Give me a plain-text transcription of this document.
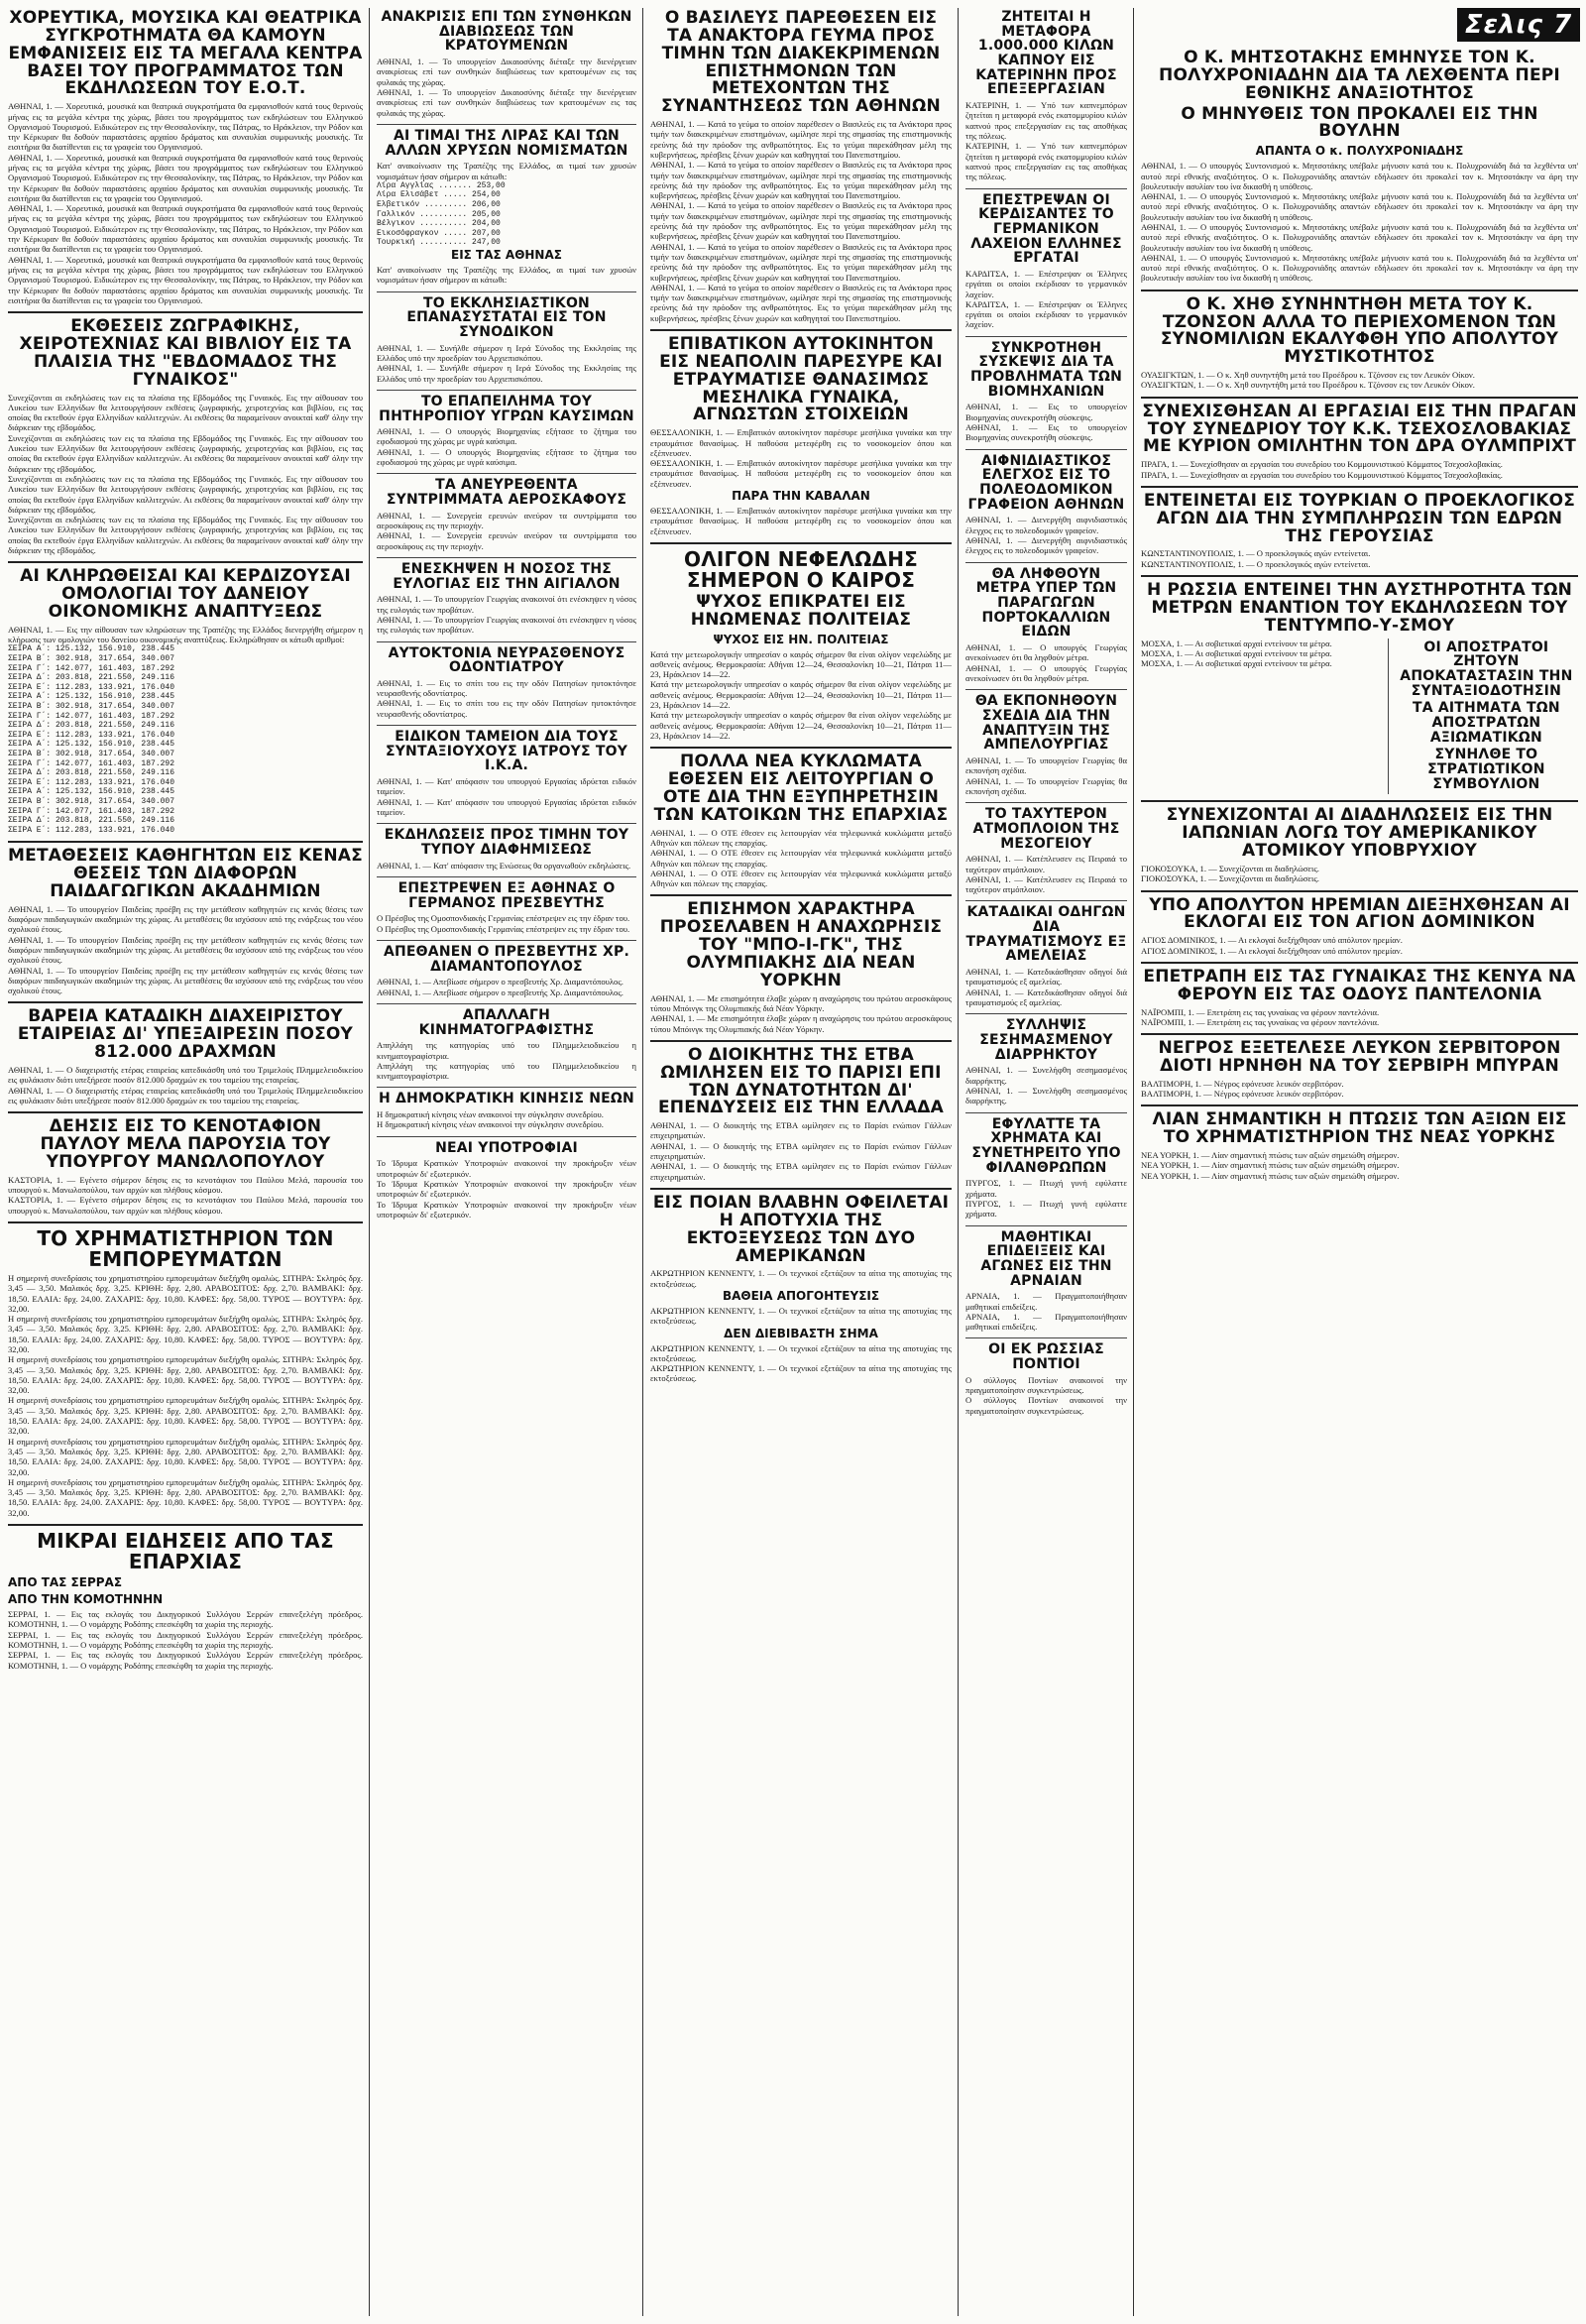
Σελις 7
ΧΟΡΕΥΤΙΚΑ, ΜΟΥΣΙΚΑ ΚΑΙ ΘΕΑΤΡΙΚΑ ΣΥΓΚΡΟΤΗΜΑΤΑ ΘΑ ΚΑΜΟΥΝ ΕΜΦΑΝΙΣΕΙΣ ΕΙΣ ΤΑ ΜΕΓΑΛΑ ΚΕΝΤΡΑ ΒΑΣΕΙ ΤΟΥ ΠΡΟΓΡΑΜΜΑΤΟΣ ΤΩΝ ΕΚΔΗΛΩΣΕΩΝ ΤΟΥ Ε.Ο.Τ.
ΑΘΗΝΑΙ, 1. — Χορευτικά, μουσικά και θεατρικά συγκροτήματα θα εμφανισθούν κατά τους θερινούς μήνας εις τα μεγάλα κέντρα της χώρας, βάσει του προγράμματος των εκδηλώσεων του Ελληνικού Οργανισμού Τουρισμού. Ειδικώτερον εις την Θεσσαλονίκην, τας Πάτρας, το Ηράκλειον, την Ρόδον και την Κέρκυραν θα δοθούν παραστάσεις αρχαίου δράματος και συναυλίαι συμφωνικής μουσικής. Τα εισιτήρια θα διατίθενται εις τα γραφεία του Οργανισμού.
ΑΘΗΝΑΙ, 1. — Χορευτικά, μουσικά και θεατρικά συγκροτήματα θα εμφανισθούν κατά τους θερινούς μήνας εις τα μεγάλα κέντρα της χώρας, βάσει του προγράμματος των εκδηλώσεων του Ελληνικού Οργανισμού Τουρισμού. Ειδικώτερον εις την Θεσσαλονίκην, τας Πάτρας, το Ηράκλειον, την Ρόδον και την Κέρκυραν θα δοθούν παραστάσεις αρχαίου δράματος και συναυλίαι συμφωνικής μουσικής. Τα εισιτήρια θα διατίθενται εις τα γραφεία του Οργανισμού.
ΑΘΗΝΑΙ, 1. — Χορευτικά, μουσικά και θεατρικά συγκροτήματα θα εμφανισθούν κατά τους θερινούς μήνας εις τα μεγάλα κέντρα της χώρας, βάσει του προγράμματος των εκδηλώσεων του Ελληνικού Οργανισμού Τουρισμού. Ειδικώτερον εις την Θεσσαλονίκην, τας Πάτρας, το Ηράκλειον, την Ρόδον και την Κέρκυραν θα δοθούν παραστάσεις αρχαίου δράματος και συναυλίαι συμφωνικής μουσικής. Τα εισιτήρια θα διατίθενται εις τα γραφεία του Οργανισμού.
ΑΘΗΝΑΙ, 1. — Χορευτικά, μουσικά και θεατρικά συγκροτήματα θα εμφανισθούν κατά τους θερινούς μήνας εις τα μεγάλα κέντρα της χώρας, βάσει του προγράμματος των εκδηλώσεων του Ελληνικού Οργανισμού Τουρισμού. Ειδικώτερον εις την Θεσσαλονίκην, τας Πάτρας, το Ηράκλειον, την Ρόδον και την Κέρκυραν θα δοθούν παραστάσεις αρχαίου δράματος και συναυλίαι συμφωνικής μουσικής. Τα εισιτήρια θα διατίθενται εις τα γραφεία του Οργανισμού.
ΕΚΘΕΣΕΙΣ ΖΩΓΡΑΦΙΚΗΣ, ΧΕΙΡΟΤΕΧΝΙΑΣ ΚΑΙ ΒΙΒΛΙΟΥ ΕΙΣ ΤΑ ΠΛΑΙΣΙΑ ΤΗΣ "ΕΒΔΟΜΑΔΟΣ ΤΗΣ ΓΥΝΑΙΚΟΣ"
Συνεχίζονται αι εκδηλώσεις των εις τα πλαίσια της Εβδομάδος της Γυναικός. Εις την αίθουσαν του Λυκείου των Ελληνίδων θα λειτουργήσουν εκθέσεις ζωγραφικής, χειροτεχνίας και βιβλίου, εις τας οποίας θα εκτεθούν έργα Ελληνίδων καλλιτεχνών. Αι εκθέσεις θα παραμείνουν ανοικταί καθ' όλην την διάρκειαν της εβδομάδος.
Συνεχίζονται αι εκδηλώσεις των εις τα πλαίσια της Εβδομάδος της Γυναικός. Εις την αίθουσαν του Λυκείου των Ελληνίδων θα λειτουργήσουν εκθέσεις ζωγραφικής, χειροτεχνίας και βιβλίου, εις τας οποίας θα εκτεθούν έργα Ελληνίδων καλλιτεχνών. Αι εκθέσεις θα παραμείνουν ανοικταί καθ' όλην την διάρκειαν της εβδομάδος.
Συνεχίζονται αι εκδηλώσεις των εις τα πλαίσια της Εβδομάδος της Γυναικός. Εις την αίθουσαν του Λυκείου των Ελληνίδων θα λειτουργήσουν εκθέσεις ζωγραφικής, χειροτεχνίας και βιβλίου, εις τας οποίας θα εκτεθούν έργα Ελληνίδων καλλιτεχνών. Αι εκθέσεις θα παραμείνουν ανοικταί καθ' όλην την διάρκειαν της εβδομάδος.
Συνεχίζονται αι εκδηλώσεις των εις τα πλαίσια της Εβδομάδος της Γυναικός. Εις την αίθουσαν του Λυκείου των Ελληνίδων θα λειτουργήσουν εκθέσεις ζωγραφικής, χειροτεχνίας και βιβλίου, εις τας οποίας θα εκτεθούν έργα Ελληνίδων καλλιτεχνών. Αι εκθέσεις θα παραμείνουν ανοικταί καθ' όλην την διάρκειαν της εβδομάδος.
ΑΙ ΚΛΗΡΩΘΕΙΣΑΙ ΚΑΙ ΚΕΡΔΙΖΟΥΣΑΙ ΟΜΟΛΟΓΙΑΙ ΤΟΥ ΔΑΝΕΙΟΥ ΟΙΚΟΝΟΜΙΚΗΣ ΑΝΑΠΤΥΞΕΩΣ
ΑΘΗΝΑΙ, 1. — Εις την αίθουσαν των κληρώσεων της Τραπέζης της Ελλάδος διενεργήθη σήμερον η κλήρωσις των ομολογιών του δανείου οικονομικής αναπτύξεως. Εκληρώθησαν οι κάτωθι αριθμοί:
ΣΕΙΡΑ Α΄: 125.132, 156.910, 238.445
ΣΕΙΡΑ Β΄: 302.918, 317.654, 340.007
ΣΕΙΡΑ Γ΄: 142.077, 161.403, 187.292
ΣΕΙΡΑ Δ΄: 203.818, 221.550, 249.116
ΣΕΙΡΑ Ε΄: 112.283, 133.921, 176.040
ΣΕΙΡΑ Α΄: 125.132, 156.910, 238.445
ΣΕΙΡΑ Β΄: 302.918, 317.654, 340.007
ΣΕΙΡΑ Γ΄: 142.077, 161.403, 187.292
ΣΕΙΡΑ Δ΄: 203.818, 221.550, 249.116
ΣΕΙΡΑ Ε΄: 112.283, 133.921, 176.040
ΣΕΙΡΑ Α΄: 125.132, 156.910, 238.445
ΣΕΙΡΑ Β΄: 302.918, 317.654, 340.007
ΣΕΙΡΑ Γ΄: 142.077, 161.403, 187.292
ΣΕΙΡΑ Δ΄: 203.818, 221.550, 249.116
ΣΕΙΡΑ Ε΄: 112.283, 133.921, 176.040
ΣΕΙΡΑ Α΄: 125.132, 156.910, 238.445
ΣΕΙΡΑ Β΄: 302.918, 317.654, 340.007
ΣΕΙΡΑ Γ΄: 142.077, 161.403, 187.292
ΣΕΙΡΑ Δ΄: 203.818, 221.550, 249.116
ΣΕΙΡΑ Ε΄: 112.283, 133.921, 176.040
ΜΕΤΑΘΕΣΕΙΣ ΚΑΘΗΓΗΤΩΝ ΕΙΣ ΚΕΝΑΣ ΘΕΣΕΙΣ ΤΩΝ ΔΙΑΦΟΡΩΝ ΠΑΙΔΑΓΩΓΙΚΩΝ ΑΚΑΔΗΜΙΩΝ
ΑΘΗΝΑΙ, 1. — Το υπουργείον Παιδείας προέβη εις την μετάθεσιν καθηγητών εις κενάς θέσεις των διαφόρων παιδαγωγικών ακαδημιών της χώρας. Αι μεταθέσεις θα ισχύσουν από της ενάρξεως του νέου σχολικού έτους.
ΑΘΗΝΑΙ, 1. — Το υπουργείον Παιδείας προέβη εις την μετάθεσιν καθηγητών εις κενάς θέσεις των διαφόρων παιδαγωγικών ακαδημιών της χώρας. Αι μεταθέσεις θα ισχύσουν από της ενάρξεως του νέου σχολικού έτους.
ΑΘΗΝΑΙ, 1. — Το υπουργείον Παιδείας προέβη εις την μετάθεσιν καθηγητών εις κενάς θέσεις των διαφόρων παιδαγωγικών ακαδημιών της χώρας. Αι μεταθέσεις θα ισχύσουν από της ενάρξεως του νέου σχολικού έτους.
ΒΑΡΕΙΑ ΚΑΤΑΔΙΚΗ ΔΙΑΧΕΙΡΙΣΤΟΥ ΕΤΑΙΡΕΙΑΣ ΔΙ' ΥΠΕΞΑΙΡΕΣΙΝ ΠΟΣΟΥ 812.000 ΔΡΑΧΜΩΝ
ΑΘΗΝΑΙ, 1. — Ο διαχειριστής ετέρας εταιρείας κατεδικάσθη υπό του Τριμελούς Πλημμελειοδικείου εις φυλάκισιν διότι υπεξήρεσε ποσόν 812.000 δραχμών εκ του ταμείου της εταιρείας.
ΑΘΗΝΑΙ, 1. — Ο διαχειριστής ετέρας εταιρείας κατεδικάσθη υπό του Τριμελούς Πλημμελειοδικείου εις φυλάκισιν διότι υπεξήρεσε ποσόν 812.000 δραχμών εκ του ταμείου της εταιρείας.
ΔΕΗΣΙΣ ΕΙΣ ΤΟ ΚΕΝΟΤΑΦΙΟΝ ΠΑΥΛΟΥ ΜΕΛΑ ΠΑΡΟΥΣΙΑ ΤΟΥ ΥΠΟΥΡΓΟΥ ΜΑΝΩΛΟΠΟΥΛΟΥ
ΚΑΣΤΟΡΙΑ, 1. — Εγένετο σήμερον δέησις εις το κενοτάφιον του Παύλου Μελά, παρουσία του υπουργού κ. Μανωλοπούλου, των αρχών και πλήθους κόσμου.
ΚΑΣΤΟΡΙΑ, 1. — Εγένετο σήμερον δέησις εις το κενοτάφιον του Παύλου Μελά, παρουσία του υπουργού κ. Μανωλοπούλου, των αρχών και πλήθους κόσμου.
ΤΟ ΧΡΗΜΑΤΙΣΤΗΡΙΟΝ ΤΩΝ ΕΜΠΟΡΕΥΜΑΤΩΝ
Η σημερινή συνεδρίασις του χρηματιστηρίου εμπορευμάτων διεξήχθη ομαλώς. ΣΙΤΗΡΑ: Σκληρός δρχ. 3,45 — 3,50. Μαλακός δρχ. 3,25. ΚΡΙΘΗ: δρχ. 2,80. ΑΡΑΒΟΣΙΤΟΣ: δρχ. 2,70. ΒΑΜΒΑΚΙ: δρχ. 18,50. ΕΛΑΙΑ: δρχ. 24,00. ΖΑΧΑΡΙΣ: δρχ. 10,80. ΚΑΦΕΣ: δρχ. 58,00. ΤΥΡΟΣ — ΒΟΥΤΥΡΑ: δρχ. 32,00.
Η σημερινή συνεδρίασις του χρηματιστηρίου εμπορευμάτων διεξήχθη ομαλώς. ΣΙΤΗΡΑ: Σκληρός δρχ. 3,45 — 3,50. Μαλακός δρχ. 3,25. ΚΡΙΘΗ: δρχ. 2,80. ΑΡΑΒΟΣΙΤΟΣ: δρχ. 2,70. ΒΑΜΒΑΚΙ: δρχ. 18,50. ΕΛΑΙΑ: δρχ. 24,00. ΖΑΧΑΡΙΣ: δρχ. 10,80. ΚΑΦΕΣ: δρχ. 58,00. ΤΥΡΟΣ — ΒΟΥΤΥΡΑ: δρχ. 32,00.
Η σημερινή συνεδρίασις του χρηματιστηρίου εμπορευμάτων διεξήχθη ομαλώς. ΣΙΤΗΡΑ: Σκληρός δρχ. 3,45 — 3,50. Μαλακός δρχ. 3,25. ΚΡΙΘΗ: δρχ. 2,80. ΑΡΑΒΟΣΙΤΟΣ: δρχ. 2,70. ΒΑΜΒΑΚΙ: δρχ. 18,50. ΕΛΑΙΑ: δρχ. 24,00. ΖΑΧΑΡΙΣ: δρχ. 10,80. ΚΑΦΕΣ: δρχ. 58,00. ΤΥΡΟΣ — ΒΟΥΤΥΡΑ: δρχ. 32,00.
Η σημερινή συνεδρίασις του χρηματιστηρίου εμπορευμάτων διεξήχθη ομαλώς. ΣΙΤΗΡΑ: Σκληρός δρχ. 3,45 — 3,50. Μαλακός δρχ. 3,25. ΚΡΙΘΗ: δρχ. 2,80. ΑΡΑΒΟΣΙΤΟΣ: δρχ. 2,70. ΒΑΜΒΑΚΙ: δρχ. 18,50. ΕΛΑΙΑ: δρχ. 24,00. ΖΑΧΑΡΙΣ: δρχ. 10,80. ΚΑΦΕΣ: δρχ. 58,00. ΤΥΡΟΣ — ΒΟΥΤΥΡΑ: δρχ. 32,00.
Η σημερινή συνεδρίασις του χρηματιστηρίου εμπορευμάτων διεξήχθη ομαλώς. ΣΙΤΗΡΑ: Σκληρός δρχ. 3,45 — 3,50. Μαλακός δρχ. 3,25. ΚΡΙΘΗ: δρχ. 2,80. ΑΡΑΒΟΣΙΤΟΣ: δρχ. 2,70. ΒΑΜΒΑΚΙ: δρχ. 18,50. ΕΛΑΙΑ: δρχ. 24,00. ΖΑΧΑΡΙΣ: δρχ. 10,80. ΚΑΦΕΣ: δρχ. 58,00. ΤΥΡΟΣ — ΒΟΥΤΥΡΑ: δρχ. 32,00.
Η σημερινή συνεδρίασις του χρηματιστηρίου εμπορευμάτων διεξήχθη ομαλώς. ΣΙΤΗΡΑ: Σκληρός δρχ. 3,45 — 3,50. Μαλακός δρχ. 3,25. ΚΡΙΘΗ: δρχ. 2,80. ΑΡΑΒΟΣΙΤΟΣ: δρχ. 2,70. ΒΑΜΒΑΚΙ: δρχ. 18,50. ΕΛΑΙΑ: δρχ. 24,00. ΖΑΧΑΡΙΣ: δρχ. 10,80. ΚΑΦΕΣ: δρχ. 58,00. ΤΥΡΟΣ — ΒΟΥΤΥΡΑ: δρχ. 32,00.
ΜΙΚΡΑΙ ΕΙΔΗΣΕΙΣ ΑΠΟ ΤΑΣ ΕΠΑΡΧΙΑΣ
ΑΠΟ ΤΑΣ ΣΕΡΡΑΣ
ΑΠΟ ΤΗΝ ΚΟΜΟΤΗΝΗΝ
ΣΕΡΡΑΙ, 1. — Εις τας εκλογάς του Δικηγορικού Συλλόγου Σερρών επανεξελέγη πρόεδρος. ΚΟΜΟΤΗΝΗ, 1. — Ο νομάρχης Ροδόπης επεσκέφθη τα χωρία της περιοχής.
ΣΕΡΡΑΙ, 1. — Εις τας εκλογάς του Δικηγορικού Συλλόγου Σερρών επανεξελέγη πρόεδρος. ΚΟΜΟΤΗΝΗ, 1. — Ο νομάρχης Ροδόπης επεσκέφθη τα χωρία της περιοχής.
ΣΕΡΡΑΙ, 1. — Εις τας εκλογάς του Δικηγορικού Συλλόγου Σερρών επανεξελέγη πρόεδρος. ΚΟΜΟΤΗΝΗ, 1. — Ο νομάρχης Ροδόπης επεσκέφθη τα χωρία της περιοχής.
ΑΝΑΚΡΙΣΙΣ ΕΠΙ ΤΩΝ ΣΥΝΘΗΚΩΝ ΔΙΑΒΙΩΣΕΩΣ ΤΩΝ ΚΡΑΤΟΥΜΕΝΩΝ
ΑΘΗΝΑΙ, 1. — Το υπουργείον Δικαιοσύνης διέταξε την διενέργειαν ανακρίσεως επί των συνθηκών διαβιώσεως των κρατουμένων εις τας φυλακάς της χώρας.
ΑΘΗΝΑΙ, 1. — Το υπουργείον Δικαιοσύνης διέταξε την διενέργειαν ανακρίσεως επί των συνθηκών διαβιώσεως των κρατουμένων εις τας φυλακάς της χώρας.
ΑΙ ΤΙΜΑΙ ΤΗΣ ΛΙΡΑΣ ΚΑΙ ΤΩΝ ΑΛΛΩΝ ΧΡΥΣΩΝ ΝΟΜΙΣΜΑΤΩΝ
Κατ' ανακοίνωσιν της Τραπέζης της Ελλάδος, αι τιμαί των χρυσών νομισμάτων ήσαν σήμερον αι κάτωθι:
Λίρα Αγγλίας ....... 253,00
Λίρα Ελισάβετ ..... 254,00
Ελβετικόν ......... 206,00
Γαλλικόν .......... 205,00
Βέλγικον .......... 204,00
Εικοσόφραγκον ..... 207,00
Τουρκική .......... 247,00
ΕΙΣ ΤΑΣ ΑΘΗΝΑΣ
Κατ' ανακοίνωσιν της Τραπέζης της Ελλάδος, αι τιμαί των χρυσών νομισμάτων ήσαν σήμερον αι κάτωθι:
ΤΟ ΕΚΚΛΗΣΙΑΣΤΙΚΟΝ ΕΠΑΝΑΣΥΣΤΑΤΑΙ ΕΙΣ ΤΟΝ ΣΥΝΟΔΙΚΟΝ
ΑΘΗΝΑΙ, 1. — Συνήλθε σήμερον η Ιερά Σύνοδος της Εκκλησίας της Ελλάδος υπό την προεδρίαν του Αρχιεπισκόπου.
ΑΘΗΝΑΙ, 1. — Συνήλθε σήμερον η Ιερά Σύνοδος της Εκκλησίας της Ελλάδος υπό την προεδρίαν του Αρχιεπισκόπου.
ΤΟ ΕΠΑΠΕΙΛΗΜΑ ΤΟΥ ΠΗΤΗΡΟΠΙΟΥ ΥΓΡΩΝ ΚΑΥΣΙΜΩΝ
ΑΘΗΝΑΙ, 1. — Ο υπουργός Βιομηχανίας εξήτασε το ζήτημα του εφοδιασμού της χώρας με υγρά καύσιμα.
ΑΘΗΝΑΙ, 1. — Ο υπουργός Βιομηχανίας εξήτασε το ζήτημα του εφοδιασμού της χώρας με υγρά καύσιμα.
ΤΑ ΑΝΕΥΡΕΘΕΝΤΑ ΣΥΝΤΡΙΜΜΑΤΑ ΑΕΡΟΣΚΑΦΟΥΣ
ΑΘΗΝΑΙ, 1. — Συνεργεία ερευνών ανεύρον τα συντρίμματα του αεροσκάφους εις την περιοχήν.
ΑΘΗΝΑΙ, 1. — Συνεργεία ερευνών ανεύρον τα συντρίμματα του αεροσκάφους εις την περιοχήν.
ΕΝΕΣΚΗΨΕΝ Η ΝΟΣΟΣ ΤΗΣ ΕΥΛΟΓΙΑΣ ΕΙΣ ΤΗΝ ΑΙΓΙΑΛΟΝ
ΑΘΗΝΑΙ, 1. — Το υπουργείον Γεωργίας ανακοινοί ότι ενέσκηψεν η νόσος της ευλογιάς των προβάτων.
ΑΘΗΝΑΙ, 1. — Το υπουργείον Γεωργίας ανακοινοί ότι ενέσκηψεν η νόσος της ευλογιάς των προβάτων.
ΑΥΤΟΚΤΟΝΙΑ ΝΕΥΡΑΣΘΕΝΟΥΣ ΟΔΟΝΤΙΑΤΡΟΥ
ΑΘΗΝΑΙ, 1. — Εις το σπίτι του εις την οδόν Πατησίων ηυτοκτόνησε νευρασθενής οδοντίατρος.
ΑΘΗΝΑΙ, 1. — Εις το σπίτι του εις την οδόν Πατησίων ηυτοκτόνησε νευρασθενής οδοντίατρος.
ΕΙΔΙΚΟΝ ΤΑΜΕΙΟΝ ΔΙΑ ΤΟΥΣ ΣΥΝΤΑΞΙΟΥΧΟΥΣ ΙΑΤΡΟΥΣ ΤΟΥ Ι.Κ.Α.
ΑΘΗΝΑΙ, 1. — Κατ' απόφασιν του υπουργού Εργασίας ιδρύεται ειδικόν ταμείον.
ΑΘΗΝΑΙ, 1. — Κατ' απόφασιν του υπουργού Εργασίας ιδρύεται ειδικόν ταμείον.
ΕΚΔΗΛΩΣΕΙΣ ΠΡΟΣ ΤΙΜΗΝ ΤΟΥ ΤΥΠΟΥ ΔΙΑΦΗΜΙΣΕΩΣ
ΑΘΗΝΑΙ, 1. — Κατ' απόφασιν της Ενώσεως θα οργανωθούν εκδηλώσεις.
ΕΠΕΣΤΡΕΨΕΝ ΕΞ ΑΘΗΝΑΣ Ο ΓΕΡΜΑΝΟΣ ΠΡΕΣΒΕΥΤΗΣ
Ο Πρέσβυς της Ομοσπονδιακής Γερμανίας επέστρεψεν εις την έδραν του.
Ο Πρέσβυς της Ομοσπονδιακής Γερμανίας επέστρεψεν εις την έδραν του.
ΑΠΕΘΑΝΕΝ Ο ΠΡΕΣΒΕΥΤΗΣ ΧΡ. ΔΙΑΜΑΝΤΟΠΟΥΛΟΣ
ΑΘΗΝΑΙ, 1. — Απεβίωσε σήμερον ο πρεσβευτής Χρ. Διαμαντόπουλος.
ΑΘΗΝΑΙ, 1. — Απεβίωσε σήμερον ο πρεσβευτής Χρ. Διαμαντόπουλος.
ΑΠΑΛΛΑΓΗ ΚΙΝΗΜΑΤΟΓΡΑΦΙΣΤΗΣ
Απηλλάγη της κατηγορίας υπό του Πλημμελειοδικείου η κινηματογραφίστρια.
Απηλλάγη της κατηγορίας υπό του Πλημμελειοδικείου η κινηματογραφίστρια.
Η ΔΗΜΟΚΡΑΤΙΚΗ ΚΙΝΗΣΙΣ ΝΕΩΝ
Η δημοκρατική κίνησις νέων ανακοινοί την σύγκλησιν συνεδρίου.
Η δημοκρατική κίνησις νέων ανακοινοί την σύγκλησιν συνεδρίου.
ΝΕΑΙ ΥΠΟΤΡΟΦΙΑΙ
Το Ίδρυμα Κρατικών Υποτροφιών ανακοινοί την προκήρυξιν νέων υποτροφιών δι' εξωτερικόν.
Το Ίδρυμα Κρατικών Υποτροφιών ανακοινοί την προκήρυξιν νέων υποτροφιών δι' εξωτερικόν.
Το Ίδρυμα Κρατικών Υποτροφιών ανακοινοί την προκήρυξιν νέων υποτροφιών δι' εξωτερικόν.
Ο ΒΑΣΙΛΕΥΣ ΠΑΡΕΘΕΣΕΝ ΕΙΣ ΤΑ ΑΝΑΚΤΟΡΑ ΓΕΥΜΑ ΠΡΟΣ ΤΙΜΗΝ ΤΩΝ ΔΙΑΚΕΚΡΙΜΕΝΩΝ ΕΠΙΣΤΗΜΟΝΩΝ ΤΩΝ ΜΕΤΕΧΟΝΤΩΝ ΤΗΣ ΣΥΝΑΝΤΗΣΕΩΣ ΤΩΝ ΑΘΗΝΩΝ
ΑΘΗΝΑΙ, 1. — Κατά το γεύμα το οποίον παρέθεσεν ο Βασιλεύς εις τα Ανάκτορα προς τιμήν των διακεκριμένων επιστημόνων, ωμίλησε περί της σημασίας της επιστημονικής ερεύνης διά την πρόοδον της ανθρωπότητος. Εις το γεύμα παρεκάθησαν μέλη της κυβερνήσεως, πρέσβεις ξένων χωρών και καθηγηταί του Πανεπιστημίου.
ΑΘΗΝΑΙ, 1. — Κατά το γεύμα το οποίον παρέθεσεν ο Βασιλεύς εις τα Ανάκτορα προς τιμήν των διακεκριμένων επιστημόνων, ωμίλησε περί της σημασίας της επιστημονικής ερεύνης διά την πρόοδον της ανθρωπότητος. Εις το γεύμα παρεκάθησαν μέλη της κυβερνήσεως, πρέσβεις ξένων χωρών και καθηγηταί του Πανεπιστημίου.
ΑΘΗΝΑΙ, 1. — Κατά το γεύμα το οποίον παρέθεσεν ο Βασιλεύς εις τα Ανάκτορα προς τιμήν των διακεκριμένων επιστημόνων, ωμίλησε περί της σημασίας της επιστημονικής ερεύνης διά την πρόοδον της ανθρωπότητος. Εις το γεύμα παρεκάθησαν μέλη της κυβερνήσεως, πρέσβεις ξένων χωρών και καθηγηταί του Πανεπιστημίου.
ΑΘΗΝΑΙ, 1. — Κατά το γεύμα το οποίον παρέθεσεν ο Βασιλεύς εις τα Ανάκτορα προς τιμήν των διακεκριμένων επιστημόνων, ωμίλησε περί της σημασίας της επιστημονικής ερεύνης διά την πρόοδον της ανθρωπότητος. Εις το γεύμα παρεκάθησαν μέλη της κυβερνήσεως, πρέσβεις ξένων χωρών και καθηγηταί του Πανεπιστημίου.
ΑΘΗΝΑΙ, 1. — Κατά το γεύμα το οποίον παρέθεσεν ο Βασιλεύς εις τα Ανάκτορα προς τιμήν των διακεκριμένων επιστημόνων, ωμίλησε περί της σημασίας της επιστημονικής ερεύνης διά την πρόοδον της ανθρωπότητος. Εις το γεύμα παρεκάθησαν μέλη της κυβερνήσεως, πρέσβεις ξένων χωρών και καθηγηταί του Πανεπιστημίου.
ΕΠΙΒΑΤΙΚΟΝ ΑΥΤΟΚΙΝΗΤΟΝ ΕΙΣ ΝΕΑΠΟΛΙΝ ΠΑΡΕΣΥΡΕ ΚΑΙ ΕΤΡΑΥΜΑΤΙΣΕ ΘΑΝΑΣΙΜΩΣ ΜΕΣΗΛΙΚΑ ΓΥΝΑΙΚΑ, ΑΓΝΩΣΤΩΝ ΣΤΟΙΧΕΙΩΝ
ΘΕΣΣΑΛΟΝΙΚΗ, 1. — Επιβατικόν αυτοκίνητον παρέσυρε μεσήλικα γυναίκα και την ετραυμάτισε θανασίμως. Η παθούσα μετεφέρθη εις το νοσοκομείον όπου και εξέπνευσεν.
ΘΕΣΣΑΛΟΝΙΚΗ, 1. — Επιβατικόν αυτοκίνητον παρέσυρε μεσήλικα γυναίκα και την ετραυμάτισε θανασίμως. Η παθούσα μετεφέρθη εις το νοσοκομείον όπου και εξέπνευσεν.
ΠΑΡΑ ΤΗΝ ΚΑΒΑΛΑΝ
ΘΕΣΣΑΛΟΝΙΚΗ, 1. — Επιβατικόν αυτοκίνητον παρέσυρε μεσήλικα γυναίκα και την ετραυμάτισε θανασίμως. Η παθούσα μετεφέρθη εις το νοσοκομείον όπου και εξέπνευσεν.
ΟΛΙΓΟΝ ΝΕΦΕΛΩΔΗΣ ΣΗΜΕΡΟΝ Ο ΚΑΙΡΟΣ
ΨΥΧΟΣ ΕΠΙΚΡΑΤΕΙ ΕΙΣ ΗΝΩΜΕΝΑΣ ΠΟΛΙΤΕΙΑΣ
ΨΥΧΟΣ ΕΙΣ ΗΝ. ΠΟΛΙΤΕΙΑΣ
Κατά την μετεωρολογικήν υπηρεσίαν ο καιρός σήμερον θα είναι ολίγον νεφελώδης με ασθενείς ανέμους. Θερμοκρασία: Αθήναι 12—24, Θεσσαλονίκη 10—21, Πάτραι 11—23, Ηράκλειον 14—22.
Κατά την μετεωρολογικήν υπηρεσίαν ο καιρός σήμερον θα είναι ολίγον νεφελώδης με ασθενείς ανέμους. Θερμοκρασία: Αθήναι 12—24, Θεσσαλονίκη 10—21, Πάτραι 11—23, Ηράκλειον 14—22.
Κατά την μετεωρολογικήν υπηρεσίαν ο καιρός σήμερον θα είναι ολίγον νεφελώδης με ασθενείς ανέμους. Θερμοκρασία: Αθήναι 12—24, Θεσσαλονίκη 10—21, Πάτραι 11—23, Ηράκλειον 14—22.
ΠΟΛΛΑ ΝΕΑ ΚΥΚΛΩΜΑΤΑ ΕΘΕΣΕΝ ΕΙΣ ΛΕΙΤΟΥΡΓΙΑΝ Ο ΟΤΕ ΔΙΑ ΤΗΝ ΕΞΥΠΗΡΕΤΗΣΙΝ ΤΩΝ ΚΑΤΟΙΚΩΝ ΤΗΣ ΕΠΑΡΧΙΑΣ
ΑΘΗΝΑΙ, 1. — Ο ΟΤΕ έθεσεν εις λειτουργίαν νέα τηλεφωνικά κυκλώματα μεταξύ Αθηνών και πόλεων της επαρχίας.
ΑΘΗΝΑΙ, 1. — Ο ΟΤΕ έθεσεν εις λειτουργίαν νέα τηλεφωνικά κυκλώματα μεταξύ Αθηνών και πόλεων της επαρχίας.
ΑΘΗΝΑΙ, 1. — Ο ΟΤΕ έθεσεν εις λειτουργίαν νέα τηλεφωνικά κυκλώματα μεταξύ Αθηνών και πόλεων της επαρχίας.
ΕΠΙΣΗΜΟΝ ΧΑΡΑΚΤΗΡΑ ΠΡΟΣΕΛΑΒΕΝ Η ΑΝΑΧΩΡΗΣΙΣ ΤΟΥ "ΜΠΟ-Ι-ΓΚ", ΤΗΣ ΟΛΥΜΠΙΑΚΗΣ ΔΙΑ ΝΕΑΝ ΥΟΡΚΗΝ
ΑΘΗΝΑΙ, 1. — Με επισημότητα έλαβε χώραν η αναχώρησις του πρώτου αεροσκάφους τύπου Μπόινγκ της Ολυμπιακής διά Νέαν Υόρκην.
ΑΘΗΝΑΙ, 1. — Με επισημότητα έλαβε χώραν η αναχώρησις του πρώτου αεροσκάφους τύπου Μπόινγκ της Ολυμπιακής διά Νέαν Υόρκην.
Ο ΔΙΟΙΚΗΤΗΣ ΤΗΣ ΕΤΒΑ ΩΜΙΛΗΣΕΝ ΕΙΣ ΤΟ ΠΑΡΙΣΙ ΕΠΙ ΤΩΝ ΔΥΝΑΤΟΤΗΤΩΝ ΔΙ' ΕΠΕΝΔΥΣΕΙΣ ΕΙΣ ΤΗΝ ΕΛΛΑΔΑ
ΑΘΗΝΑΙ, 1. — Ο διοικητής της ΕΤΒΑ ωμίλησεν εις το Παρίσι ενώπιον Γάλλων επιχειρηματιών.
ΑΘΗΝΑΙ, 1. — Ο διοικητής της ΕΤΒΑ ωμίλησεν εις το Παρίσι ενώπιον Γάλλων επιχειρηματιών.
ΑΘΗΝΑΙ, 1. — Ο διοικητής της ΕΤΒΑ ωμίλησεν εις το Παρίσι ενώπιον Γάλλων επιχειρηματιών.
ΕΙΣ ΠΟΙΑΝ ΒΛΑΒΗΝ ΟΦΕΙΛΕΤΑΙ Η ΑΠΟΤΥΧΙΑ ΤΗΣ ΕΚΤΟΞΕΥΣΕΩΣ ΤΩΝ ΔΥΟ ΑΜΕΡΙΚΑΝΩΝ
ΑΚΡΩΤΗΡΙΟΝ ΚΕΝΝΕΝΤΥ, 1. — Οι τεχνικοί εξετάζουν τα αίτια της αποτυχίας της εκτοξεύσεως.
ΒΑΘΕΙΑ ΑΠΟΓΟΗΤΕΥΣΙΣ
ΑΚΡΩΤΗΡΙΟΝ ΚΕΝΝΕΝΤΥ, 1. — Οι τεχνικοί εξετάζουν τα αίτια της αποτυχίας της εκτοξεύσεως.
ΔΕΝ ΔΙΕΒΙΒΑΣΤΗ ΣΗΜΑ
ΑΚΡΩΤΗΡΙΟΝ ΚΕΝΝΕΝΤΥ, 1. — Οι τεχνικοί εξετάζουν τα αίτια της αποτυχίας της εκτοξεύσεως.
ΑΚΡΩΤΗΡΙΟΝ ΚΕΝΝΕΝΤΥ, 1. — Οι τεχνικοί εξετάζουν τα αίτια της αποτυχίας της εκτοξεύσεως.
ΖΗΤΕΙΤΑΙ Η ΜΕΤΑΦΟΡΑ 1.000.000 ΚΙΛΩΝ ΚΑΠΝΟΥ ΕΙΣ ΚΑΤΕΡΙΝΗΝ ΠΡΟΣ ΕΠΕΞΕΡΓΑΣΙΑΝ
ΚΑΤΕΡΙΝΗ, 1. — Υπό των καπνεμπόρων ζητείται η μεταφορά ενός εκατομμυρίου κιλών καπνού προς επεξεργασίαν εις τας αποθήκας της πόλεως.
ΚΑΤΕΡΙΝΗ, 1. — Υπό των καπνεμπόρων ζητείται η μεταφορά ενός εκατομμυρίου κιλών καπνού προς επεξεργασίαν εις τας αποθήκας της πόλεως.
ΕΠΕΣΤΡΕΨΑΝ ΟΙ ΚΕΡΔΙΣΑΝΤΕΣ ΤΟ ΓΕΡΜΑΝΙΚΟΝ ΛΑΧΕΙΟΝ ΕΛΛΗΝΕΣ ΕΡΓΑΤΑΙ
ΚΑΡΔΙΤΣΑ, 1. — Επέστρεψαν οι Έλληνες εργάται οι οποίοι εκέρδισαν το γερμανικόν λαχείον.
ΚΑΡΔΙΤΣΑ, 1. — Επέστρεψαν οι Έλληνες εργάται οι οποίοι εκέρδισαν το γερμανικόν λαχείον.
ΣΥΝΚΡΟΤΗΘΗ ΣΥΣΚΕΨΙΣ ΔΙΑ ΤΑ ΠΡΟΒΛΗΜΑΤΑ ΤΩΝ ΒΙΟΜΗΧΑΝΙΩΝ
ΑΘΗΝΑΙ, 1. — Εις το υπουργείον Βιομηχανίας συνεκροτήθη σύσκεψις.
ΑΘΗΝΑΙ, 1. — Εις το υπουργείον Βιομηχανίας συνεκροτήθη σύσκεψις.
ΑΙΦΝΙΔΙΑΣΤΙΚΟΣ ΕΛΕΓΧΟΣ ΕΙΣ ΤΟ ΠΟΛΕΟΔΟΜΙΚΟΝ ΓΡΑΦΕΙΟΝ ΑΘΗΝΩΝ
ΑΘΗΝΑΙ, 1. — Διενεργήθη αιφνιδιαστικός έλεγχος εις το πολεοδομικόν γραφείον.
ΑΘΗΝΑΙ, 1. — Διενεργήθη αιφνιδιαστικός έλεγχος εις το πολεοδομικόν γραφείον.
ΘΑ ΛΗΦΘΟΥΝ ΜΕΤΡΑ ΥΠΕΡ ΤΩΝ ΠΑΡΑΓΩΓΩΝ ΠΟΡΤΟΚΑΛΛΙΩΝ ΕΙΔΩΝ
ΑΘΗΝΑΙ, 1. — Ο υπουργός Γεωργίας ανεκοίνωσεν ότι θα ληφθούν μέτρα.
ΑΘΗΝΑΙ, 1. — Ο υπουργός Γεωργίας ανεκοίνωσεν ότι θα ληφθούν μέτρα.
ΘΑ ΕΚΠΟΝΗΘΟΥΝ ΣΧΕΔΙΑ ΔΙΑ ΤΗΝ ΑΝΑΠΤΥΞΙΝ ΤΗΣ ΑΜΠΕΛΟΥΡΓΙΑΣ
ΑΘΗΝΑΙ, 1. — Το υπουργείον Γεωργίας θα εκπονήση σχέδια.
ΑΘΗΝΑΙ, 1. — Το υπουργείον Γεωργίας θα εκπονήση σχέδια.
ΤΟ ΤΑΧΥΤΕΡΟΝ ΑΤΜΟΠΛΟΙΟΝ ΤΗΣ ΜΕΣΟΓΕΙΟΥ
ΑΘΗΝΑΙ, 1. — Κατέπλευσεν εις Πειραιά το ταχύτερον ατμόπλοιον.
ΑΘΗΝΑΙ, 1. — Κατέπλευσεν εις Πειραιά το ταχύτερον ατμόπλοιον.
ΚΑΤΑΔΙΚΑΙ ΟΔΗΓΩΝ ΔΙΑ ΤΡΑΥΜΑΤΙΣΜΟΥΣ ΕΞ ΑΜΕΛΕΙΑΣ
ΑΘΗΝΑΙ, 1. — Κατεδικάσθησαν οδηγοί διά τραυματισμούς εξ αμελείας.
ΑΘΗΝΑΙ, 1. — Κατεδικάσθησαν οδηγοί διά τραυματισμούς εξ αμελείας.
ΣΥΛΛΗΨΙΣ ΣΕΣΗΜΑΣΜΕΝΟΥ ΔΙΑΡΡΗΚΤΟΥ
ΑΘΗΝΑΙ, 1. — Συνελήφθη σεσημασμένος διαρρήκτης.
ΑΘΗΝΑΙ, 1. — Συνελήφθη σεσημασμένος διαρρήκτης.
ΕΦΥΛΑΤΤΕ ΤΑ ΧΡΗΜΑΤΑ ΚΑΙ ΣΥΝΕΤΗΡΕΙΤΟ ΥΠΟ ΦΙΛΑΝΘΡΩΠΩΝ
ΠΥΡΓΟΣ, 1. — Πτωχή γυνή εφύλαττε χρήματα.
ΠΥΡΓΟΣ, 1. — Πτωχή γυνή εφύλαττε χρήματα.
ΜΑΘΗΤΙΚΑΙ ΕΠΙΔΕΙΞΕΙΣ ΚΑΙ ΑΓΩΝΕΣ ΕΙΣ ΤΗΝ ΑΡΝΑΙΑΝ
ΑΡΝΑΙΑ, 1. — Πραγματοποιήθησαν μαθητικαί επιδείξεις.
ΑΡΝΑΙΑ, 1. — Πραγματοποιήθησαν μαθητικαί επιδείξεις.
ΟΙ ΕΚ ΡΩΣΣΙΑΣ ΠΟΝΤΙΟΙ
Ο σύλλογος Ποντίων ανακοινοί την πραγματοποίησιν συγκεντρώσεως.
Ο σύλλογος Ποντίων ανακοινοί την πραγματοποίησιν συγκεντρώσεως.
Ο Κ. ΜΗΤΣΟΤΑΚΗΣ ΕΜΗΝΥΣΕ ΤΟΝ Κ. ΠΟΛΥΧΡΟΝΙΑΔΗΝ ΔΙΑ ΤΑ ΛΕΧΘΕΝΤΑ ΠΕΡΙ ΕΘΝΙΚΗΣ ΑΝΑΞΙΟΤΗΤΟΣ
Ο ΜΗΝΥΘΕΙΣ ΤΟΝ ΠΡΟΚΑΛΕΙ ΕΙΣ ΤΗΝ ΒΟΥΛΗΝ
ΑΠΑΝΤΑ Ο κ. ΠΟΛΥΧΡΟΝΙΑΔΗΣ
ΑΘΗΝΑΙ, 1. — Ο υπουργός Συντονισμού κ. Μητσοτάκης υπέβαλε μήνυσιν κατά του κ. Πολυχρονιάδη διά τα λεχθέντα υπ' αυτού περί εθνικής αναξιότητος. Ο κ. Πολυχρονιάδης απαντών εδήλωσεν ότι προκαλεί τον κ. Μητσοτάκην να άρη την βουλευτικήν ασυλίαν του ίνα δικασθή η υπόθεσις.
ΑΘΗΝΑΙ, 1. — Ο υπουργός Συντονισμού κ. Μητσοτάκης υπέβαλε μήνυσιν κατά του κ. Πολυχρονιάδη διά τα λεχθέντα υπ' αυτού περί εθνικής αναξιότητος. Ο κ. Πολυχρονιάδης απαντών εδήλωσεν ότι προκαλεί τον κ. Μητσοτάκην να άρη την βουλευτικήν ασυλίαν του ίνα δικασθή η υπόθεσις.
ΑΘΗΝΑΙ, 1. — Ο υπουργός Συντονισμού κ. Μητσοτάκης υπέβαλε μήνυσιν κατά του κ. Πολυχρονιάδη διά τα λεχθέντα υπ' αυτού περί εθνικής αναξιότητος. Ο κ. Πολυχρονιάδης απαντών εδήλωσεν ότι προκαλεί τον κ. Μητσοτάκην να άρη την βουλευτικήν ασυλίαν του ίνα δικασθή η υπόθεσις.
ΑΘΗΝΑΙ, 1. — Ο υπουργός Συντονισμού κ. Μητσοτάκης υπέβαλε μήνυσιν κατά του κ. Πολυχρονιάδη διά τα λεχθέντα υπ' αυτού περί εθνικής αναξιότητος. Ο κ. Πολυχρονιάδης απαντών εδήλωσεν ότι προκαλεί τον κ. Μητσοτάκην να άρη την βουλευτικήν ασυλίαν του ίνα δικασθή η υπόθεσις.
Ο Κ. ΧΗΘ ΣΥΝΗΝΤΗΘΗ ΜΕΤΑ ΤΟΥ Κ. ΤΖΟΝΣΟΝ ΑΛΛΑ ΤΟ ΠΕΡΙΕΧΟΜΕΝΟΝ ΤΩΝ ΣΥΝΟΜΙΛΙΩΝ ΕΚΑΛΥΦΘΗ ΥΠΟ ΑΠΟΛΥΤΟΥ ΜΥΣΤΙΚΟΤΗΤΟΣ
ΟΥΑΣΙΓΚΤΩΝ, 1. — Ο κ. Χηθ συνηντήθη μετά του Προέδρου κ. Τζόνσον εις τον Λευκόν Οίκον.
ΟΥΑΣΙΓΚΤΩΝ, 1. — Ο κ. Χηθ συνηντήθη μετά του Προέδρου κ. Τζόνσον εις τον Λευκόν Οίκον.
ΣΥΝΕΧΙΣΘΗΣΑΝ ΑΙ ΕΡΓΑΣΙΑΙ ΕΙΣ ΤΗΝ ΠΡΑΓΑΝ ΤΟΥ ΣΥΝΕΔΡΙΟΥ ΤΟΥ Κ.Κ. ΤΣΕΧΟΣΛΟΒΑΚΙΑΣ ΜΕ ΚΥΡΙΟΝ ΟΜΙΛΗΤΗΝ ΤΟΝ ΔΡΑ ΟΥΛΜΠΡΙΧΤ
ΠΡΑΓΑ, 1. — Συνεχίσθησαν αι εργασίαι του συνεδρίου του Κομμουνιστικού Κόμματος Τσεχοσλοβακίας.
ΠΡΑΓΑ, 1. — Συνεχίσθησαν αι εργασίαι του συνεδρίου του Κομμουνιστικού Κόμματος Τσεχοσλοβακίας.
ΕΝΤΕΙΝΕΤΑΙ ΕΙΣ ΤΟΥΡΚΙΑΝ Ο ΠΡΟΕΚΛΟΓΙΚΟΣ ΑΓΩΝ ΔΙΑ ΤΗΝ ΣΥΜΠΛΗΡΩΣΙΝ ΤΩΝ ΕΔΡΩΝ ΤΗΣ ΓΕΡΟΥΣΙΑΣ
ΚΩΝΣΤΑΝΤΙΝΟΥΠΟΛΙΣ, 1. — Ο προεκλογικός αγών εντείνεται.
ΚΩΝΣΤΑΝΤΙΝΟΥΠΟΛΙΣ, 1. — Ο προεκλογικός αγών εντείνεται.
Η ΡΩΣΣΙΑ ΕΝΤΕΙΝΕΙ ΤΗΝ ΑΥΣΤΗΡΟΤΗΤΑ ΤΩΝ ΜΕΤΡΩΝ ΕΝΑΝΤΙΟΝ ΤΟΥ ΕΚΔΗΛΩΣΕΩΝ ΤΟΥ ΤΕΝΤΥΜΠΟ-Υ-ΣΜΟΥ
ΜΟΣΧΑ, 1. — Αι σοβιετικαί αρχαί εντείνουν τα μέτρα.
ΜΟΣΧΑ, 1. — Αι σοβιετικαί αρχαί εντείνουν τα μέτρα.
ΜΟΣΧΑ, 1. — Αι σοβιετικαί αρχαί εντείνουν τα μέτρα.
ΟΙ ΑΠΟΣΤΡΑΤΟΙ ΖΗΤΟΥΝ ΑΠΟΚΑΤΑΣΤΑΣΙΝ ΤΗΝ ΣΥΝΤΑΞΙΟΔΟΤΗΣΙΝ
ΤΑ ΑΙΤΗΜΑΤΑ ΤΩΝ ΑΠΟΣΤΡΑΤΩΝ ΑΞΙΩΜΑΤΙΚΩΝ
ΣΥΝΗΛΘΕ ΤΟ ΣΤΡΑΤΙΩΤΙΚΟΝ ΣΥΜΒΟΥΛΙΟΝ
ΣΥΝΕΧΙΖΟΝΤΑΙ ΑΙ ΔΙΑΔΗΛΩΣΕΙΣ ΕΙΣ ΤΗΝ ΙΑΠΩΝΙΑΝ ΛΟΓΩ ΤΟΥ ΑΜΕΡΙΚΑΝΙΚΟΥ ΑΤΟΜΙΚΟΥ ΥΠΟΒΡΥΧΙΟΥ
ΓΙΟΚΟΣΟΥΚΑ, 1. — Συνεχίζονται αι διαδηλώσεις.
ΓΙΟΚΟΣΟΥΚΑ, 1. — Συνεχίζονται αι διαδηλώσεις.
ΥΠΟ ΑΠΟΛΥΤΟΝ ΗΡΕΜΙΑΝ ΔΙΕΞΗΧΘΗΣΑΝ ΑΙ ΕΚΛΟΓΑΙ ΕΙΣ ΤΟΝ ΑΓΙΟΝ ΔΟΜΙΝΙΚΟΝ
ΑΓΙΟΣ ΔΟΜΙΝΙΚΟΣ, 1. — Αι εκλογαί διεξήχθησαν υπό απόλυτον ηρεμίαν.
ΑΓΙΟΣ ΔΟΜΙΝΙΚΟΣ, 1. — Αι εκλογαί διεξήχθησαν υπό απόλυτον ηρεμίαν.
ΕΠΕΤΡΑΠΗ ΕΙΣ ΤΑΣ ΓΥΝΑΙΚΑΣ ΤΗΣ ΚΕΝΥΑ ΝΑ ΦΕΡΟΥΝ ΕΙΣ ΤΑΣ ΟΔΟΥΣ ΠΑΝΤΕΛΟΝΙΑ
ΝΑΪΡΟΜΠΙ, 1. — Επετράπη εις τας γυναίκας να φέρουν παντελόνια.
ΝΑΪΡΟΜΠΙ, 1. — Επετράπη εις τας γυναίκας να φέρουν παντελόνια.
ΝΕΓΡΟΣ ΕΞΕΤΕΛΕΣΕ ΛΕΥΚΟΝ ΣΕΡΒΙΤΟΡΟΝ ΔΙΟΤΙ ΗΡΝΗΘΗ ΝΑ ΤΟΥ ΣΕΡΒΙΡΗ ΜΠΥΡΑΝ
ΒΑΛΤΙΜΟΡΗ, 1. — Νέγρος εφόνευσε λευκόν σερβιτόρον.
ΒΑΛΤΙΜΟΡΗ, 1. — Νέγρος εφόνευσε λευκόν σερβιτόρον.
ΛΙΑΝ ΣΗΜΑΝΤΙΚΗ Η ΠΤΩΣΙΣ ΤΩΝ ΑΞΙΩΝ ΕΙΣ ΤΟ ΧΡΗΜΑΤΙΣΤΗΡΙΟΝ ΤΗΣ ΝΕΑΣ ΥΟΡΚΗΣ
ΝΕΑ ΥΟΡΚΗ, 1. — Λίαν σημαντική πτώσις των αξιών σημειώθη σήμερον.
ΝΕΑ ΥΟΡΚΗ, 1. — Λίαν σημαντική πτώσις των αξιών σημειώθη σήμερον.
ΝΕΑ ΥΟΡΚΗ, 1. — Λίαν σημαντική πτώσις των αξιών σημειώθη σήμερον.
